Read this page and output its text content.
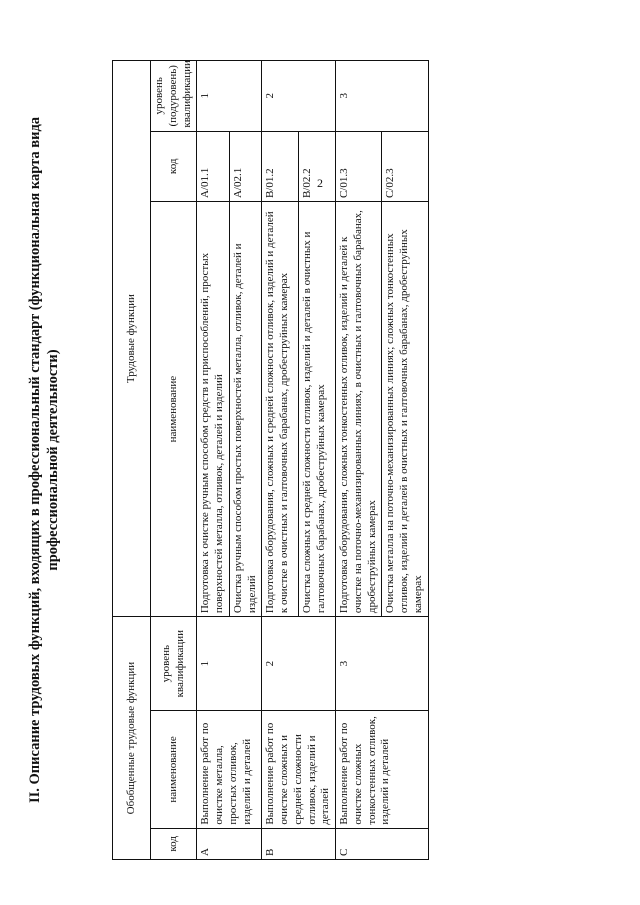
2
II. Описание трудовых функций, входящих в профессиональный стандарт (функциональная карта вида профессиональной деятельности)
Обобщенные трудовые функции			Трудовые функции		
код	наименование	уровень квалификации	наименование	код	уровень (подуровень) квалификации
A	Выполнение работ по очистке металла, простых отливок, изделий и деталей	1	Подготовка к очистке ручным способом средств и приспособлений, простых поверхностей металла, отливок, деталей и изделий	A/01.1	1
			Очистка ручным способом простых поверхностей металла, отливок, деталей и изделий	A/02.1	
B	Выполнение работ по очистке сложных и средней сложности отливок, изделий и деталей	2	Подготовка оборудования, сложных и средней сложности отливок, изделий и деталей к очистке в очистных и галтовочных барабанах, дробеструйных камерах	B/01.2	2
			Очистка сложных и средней сложности отливок, изделий и деталей в очистных и галтовочных барабанах, дробеструйных камерах	B/02.2	
C	Выполнение работ по очистке сложных тонкостенных отливок, изделий и деталей	3	Подготовка оборудования, сложных тонкостенных отливок, изделий и деталей к очистке на поточно-механизированных линиях, в очистных и галтовочных барабанах, дробеструйных камерах	C/01.3	3
			Очистка металла на поточно-механизированных линиях; сложных тонкостенных отливок, изделий и деталей в очистных и галтовочных барабанах, дробеструйных камерах	C/02.3	
